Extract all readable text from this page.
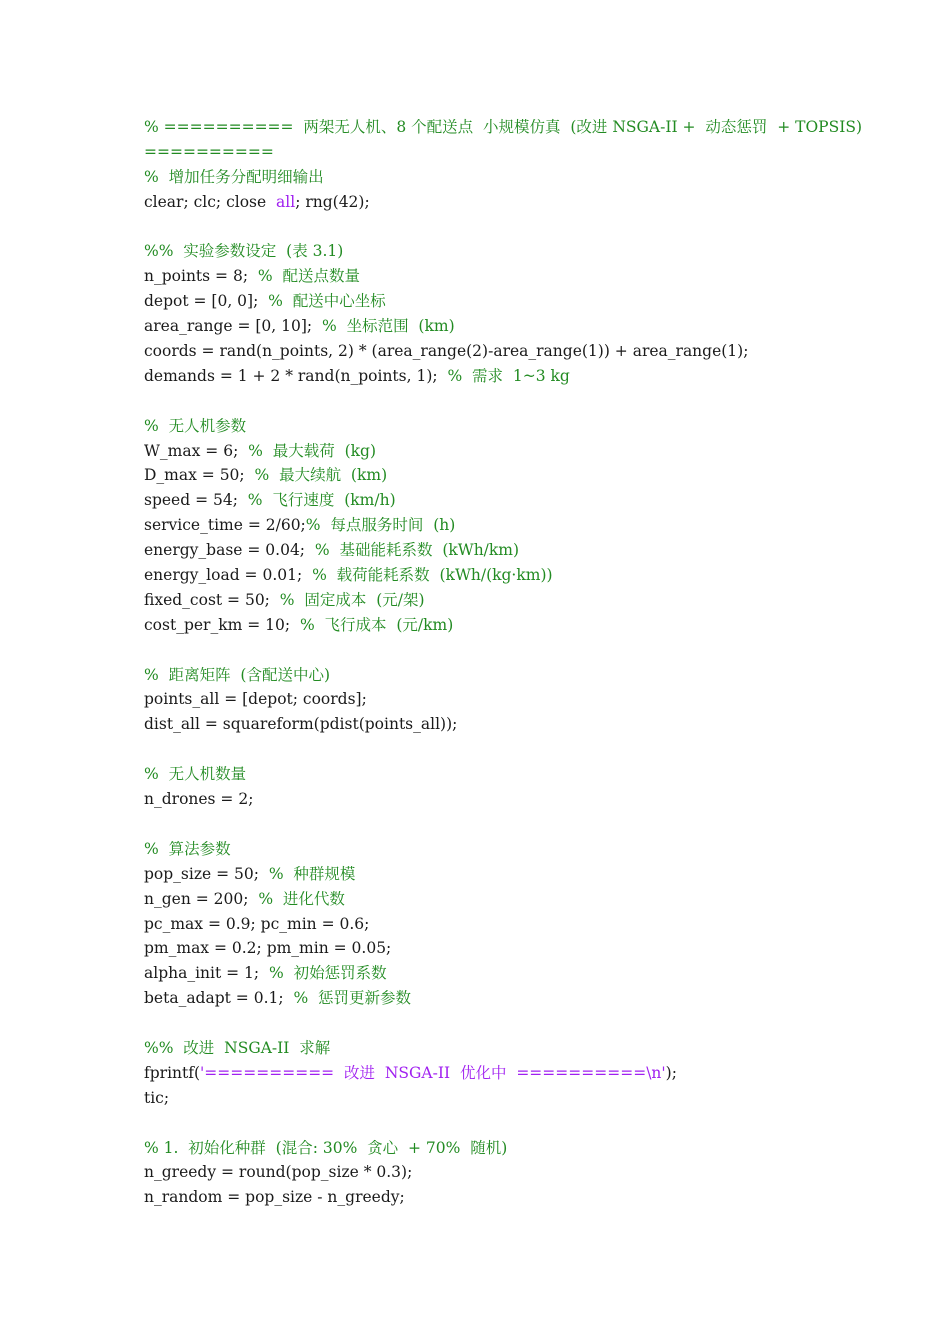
% ==========  两架无人机、8 个配送点  小规模仿真  (改进 NSGA-II +  动态惩罚  + TOPSIS)
==========
%  增加任务分配明细输出
clear; clc; close  all; rng(42);
%%  实验参数设定  (表 3.1)
n_points = 8;  %  配送点数量
depot = [0, 0];  %  配送中心坐标
area_range = [0, 10];  %  坐标范围  (km)
coords = rand(n_points, 2) * (area_range(2)-area_range(1)) + area_range(1);
demands = 1 + 2 * rand(n_points, 1);  %  需求  1~3 kg
%  无人机参数
W_max = 6;  %  最大载荷  (kg)
D_max = 50;  %  最大续航  (km)
speed = 54;  %  飞行速度  (km/h)
service_time = 2/60;%  每点服务时间  (h)
energy_base = 0.04;  %  基础能耗系数  (kWh/km)
energy_load = 0.01;  %  载荷能耗系数  (kWh/(kg·km))
fixed_cost = 50;  %  固定成本  (元/架)
cost_per_km = 10;  %  飞行成本  (元/km)
%  距离矩阵  (含配送中心)
points_all = [depot; coords];
dist_all = squareform(pdist(points_all));
%  无人机数量
n_drones = 2;
%  算法参数
pop_size = 50;  %  种群规模
n_gen = 200;  %  进化代数
pc_max = 0.9; pc_min = 0.6;
pm_max = 0.2; pm_min = 0.05;
alpha_init = 1;  %  初始惩罚系数
beta_adapt = 0.1;  %  惩罚更新参数
%%  改进  NSGA-II  求解
fprintf('==========  改进  NSGA-II  优化中  ==========\n');
tic;
% 1.  初始化种群  (混合: 30%  贪心  + 70%  随机)
n_greedy = round(pop_size * 0.3);
n_random = pop_size - n_greedy;
